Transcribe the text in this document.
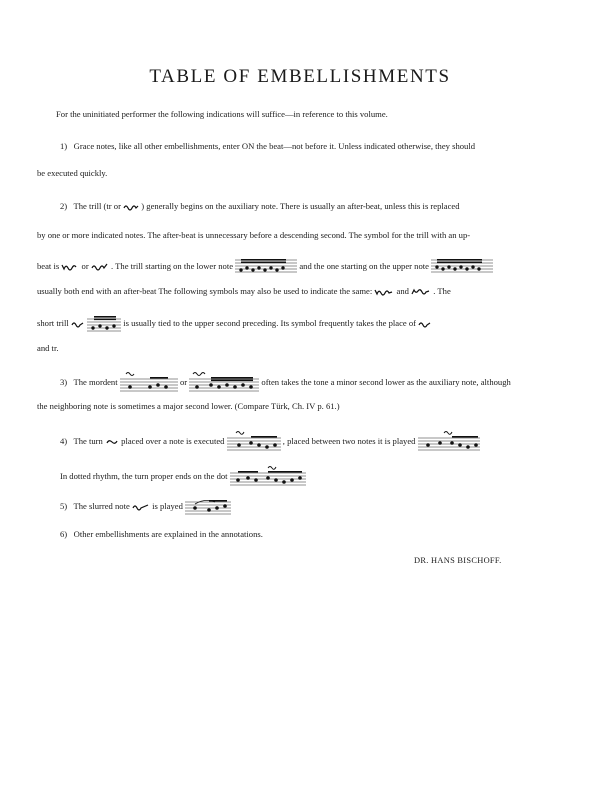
TABLE OF EMBELLISHMENTS
For the uninitiated performer the following indications will suffice—in reference to this volume.
1) Grace notes, like all other embellishments, enter ON the beat—not before it. Unless indicated otherwise, they should
be executed quickly.
2) The trill (tr or ) generally begins on the auxiliary note. There is usually an after-beat, unless this is replaced
by one or more indicated notes. The after-beat is unnecessary before a descending second. The symbol for the trill with an up-
beat is	or	. The trill starting on the lower note	and the one starting on the upper note
usually both end with an after-beat The following symbols may also be used to indicate the same:	and	. The
short trill	is usually tied to the upper second preceding. Its symbol frequently takes the place of
and tr.
3) The mordent	or	often takes the tone a minor second lower as the auxiliary note, although
the neighboring note is sometimes a major second lower. (Compare Türk, Ch. IV p. 61.)
4) The turn placed over a note is executed	, placed between two notes it is played
In dotted rhythm, the turn proper ends on the dot
5) The slurred note	is played
6) Other embellishments are explained in the annotations.
DR. HANS BISCHOFF.
